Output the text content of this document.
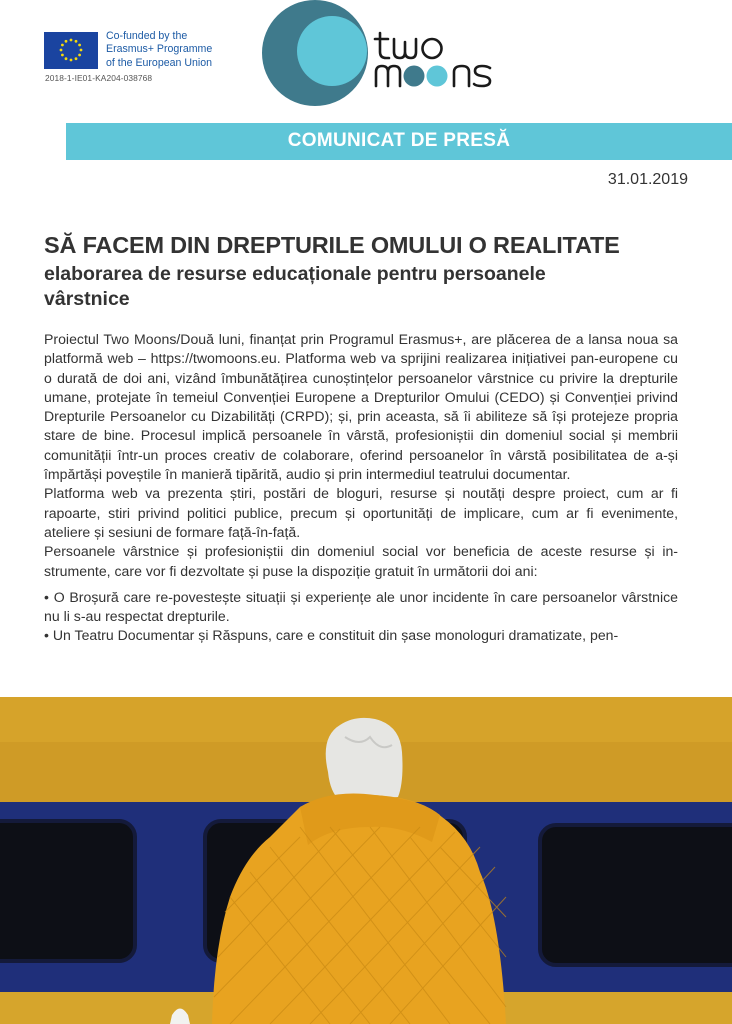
Co-funded by the
Erasmus+ Programme
of the European Union
2018-1-IE01-KA204-038768
COMUNICAT DE PRESĂ
31.01.2019
SĂ FACEM DIN DREPTURILE OMULUI O REALITATE
elaborarea de resurse educaționale pentru persoanele vârstnice

Proiectul Two Moons/Două luni, finanțat prin Programul Erasmus+, are plăcerea de a lansa noua sa platformă web – https://twomoons.eu. Platforma web va sprijini realizarea inițiativei pan-europene cu o durată de doi ani, vizând îmbunătățirea cunoștințelor persoanelor vârstnice cu privire la drepturile umane, protejate în temeiul Convenției Europene a Drepturilor Omului (CEDO) și Convenției privind Drepturile Persoanelor cu Dizabilități (CRPD); și, prin aceasta, să îi abiliteze să își protejeze propria stare de bine. Procesul implică persoanele în vârstă, profesioniștii din domeniul social și membrii comunității într-un proces creativ de colaborare, oferind persoanelor în vârstă posibilitatea de a-și împărtăși poveștile în manieră tipărită, audio și prin intermediul teatrului documentar.

Platforma web va prezenta știri, postări de bloguri, resurse și noutăți despre proiect, cum ar fi rapoarte, stiri privind politici publice, precum și oportunități de implicare, cum ar fi evenimente, ateliere și sesiuni de formare față-în-față.

Persoanele vârstnice și profesioniștii din domeniul social vor beneficia de aceste resurse și instrumente, care vor fi dezvoltate și puse la dispoziție gratuit în următorii doi ani:

• O Broșură care re-povestește situații și experiențe ale unor incidente în care persoanelor vârstnice nu li s-au respectat drepturile.

• Un Teatru Documentar și Răspuns, care e constituit din șase monologuri dramatizate, pen-
